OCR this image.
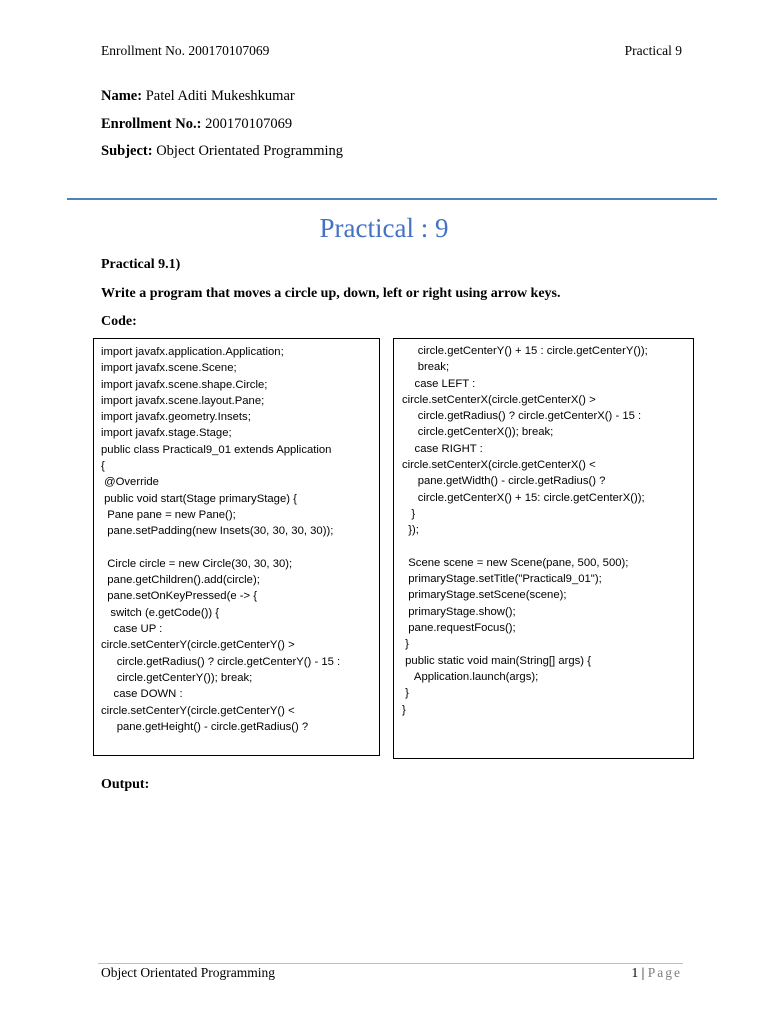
Enrollment No. 200170107069	Practical 9
Name: Patel Aditi Mukeshkumar
Enrollment No.: 200170107069
Subject: Object Orientated Programming
Practical : 9
Practical 9.1)
Write a program that moves a circle up, down, left or right using arrow keys.
Code:
import javafx.application.Application;
import javafx.scene.Scene;
import javafx.scene.shape.Circle;
import javafx.scene.layout.Pane;
import javafx.geometry.Insets;
import javafx.stage.Stage;
public class Practical9_01 extends Application
{
@Override
public void start(Stage primaryStage) {
Pane pane = new Pane();
pane.setPadding(new Insets(30, 30, 30, 30));

Circle circle = new Circle(30, 30, 30);
pane.getChildren().add(circle);
pane.setOnKeyPressed(e -> {
switch (e.getCode()) {
case UP :
circle.setCenterY(circle.getCenterY() >
circle.getRadius() ? circle.getCenterY() - 15 :
circle.getCenterY()); break;
case DOWN :
circle.setCenterY(circle.getCenterY() <
pane.getHeight() - circle.getRadius() ?
circle.getCenterY() + 15 : circle.getCenterY());
break;
case LEFT :
circle.setCenterX(circle.getCenterX() >
circle.getRadius() ? circle.getCenterX() - 15 :
circle.getCenterX()); break;
case RIGHT :
circle.setCenterX(circle.getCenterX() <
pane.getWidth() - circle.getRadius() ?
circle.getCenterX() + 15: circle.getCenterX());
}
});

Scene scene = new Scene(pane, 500, 500);
primaryStage.setTitle("Practical9_01");
primaryStage.setScene(scene);
primaryStage.show();
pane.requestFocus();
}
public static void main(String[] args) {
Application.launch(args);
}
}
Output:
Object Orientated Programming	1 | Page
